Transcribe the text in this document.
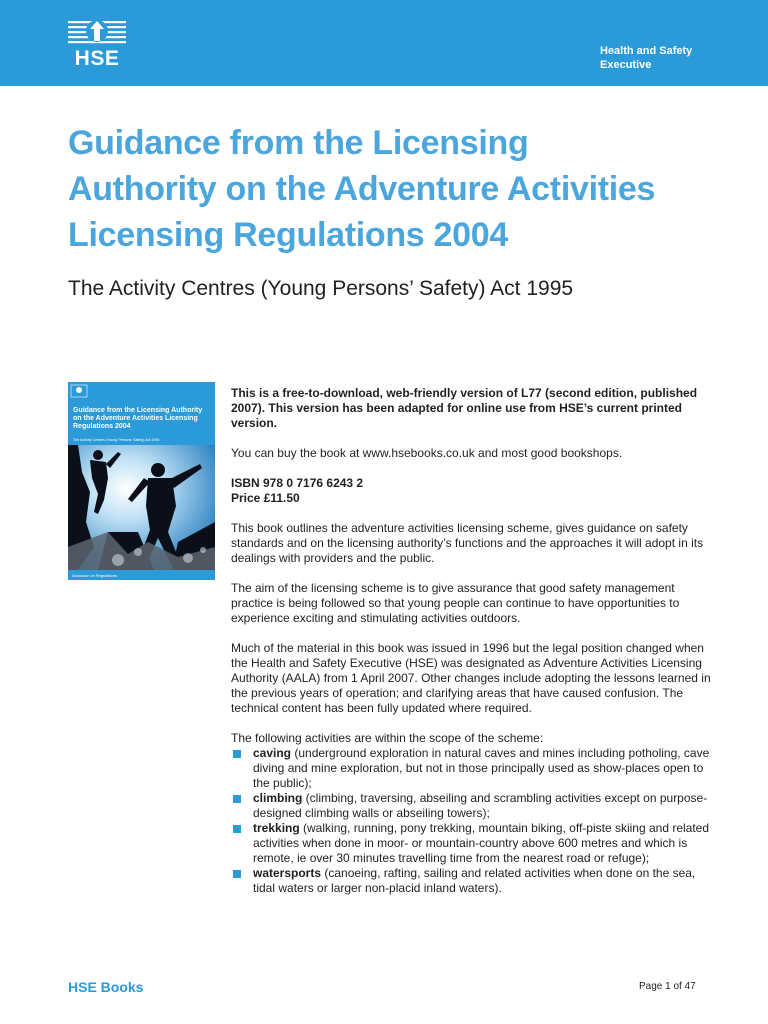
HSE	Health and Safety
Executive
Guidance from the Licensing
Authority on the Adventure Activities
Licensing Regulations 2004
The Activity Centres (Young Persons’ Safety) Act 1995
Guidance from the Licensing Authority on the Adventure Activities Licensing Regulations 2004
The Activity Centres (Young Persons’ Safety) Act 1995
Guidance on Regulations

This is a free-to-download, web-friendly version of L77 (second edition, published 2007). This version has been adapted for online use from HSE’s current printed version.

You can buy the book at www.hsebooks.co.uk and most good bookshops.

ISBN 978 0 7176 6243 2
Price £11.50

This book outlines the adventure activities licensing scheme, gives guidance on safety standards and on the licensing authority’s functions and the approaches it will adopt in its dealings with providers and the public.

The aim of the licensing scheme is to give assurance that good safety management practice is being followed so that young people can continue to have opportunities to experience exciting and stimulating activities outdoors.

Much of the material in this book was issued in 1996 but the legal position changed when the Health and Safety Executive (HSE) was designated as Adventure Activities Licensing Authority (AALA) from 1 April 2007. Other changes include adopting the lessons learned in the previous years of operation; and clarifying areas that have caused confusion. The technical content has been fully updated where required.

The following activities are within the scope of the scheme:
caving (underground exploration in natural caves and mines including potholing, cave diving and mine exploration, but not in those principally used as show-places open to the public);
climbing (climbing, traversing, abseiling and scrambling activities except on purpose-designed climbing walls or abseiling towers);
trekking (walking, running, pony trekking, mountain biking, off-piste skiing and related activities when done in moor- or mountain-country above 600 metres and which is remote, ie over 30 minutes travelling time from the nearest road or refuge);
watersports (canoeing, rafting, sailing and related activities when done on the sea, tidal waters or larger non-placid inland waters).
HSE Books	Page 1 of 47
